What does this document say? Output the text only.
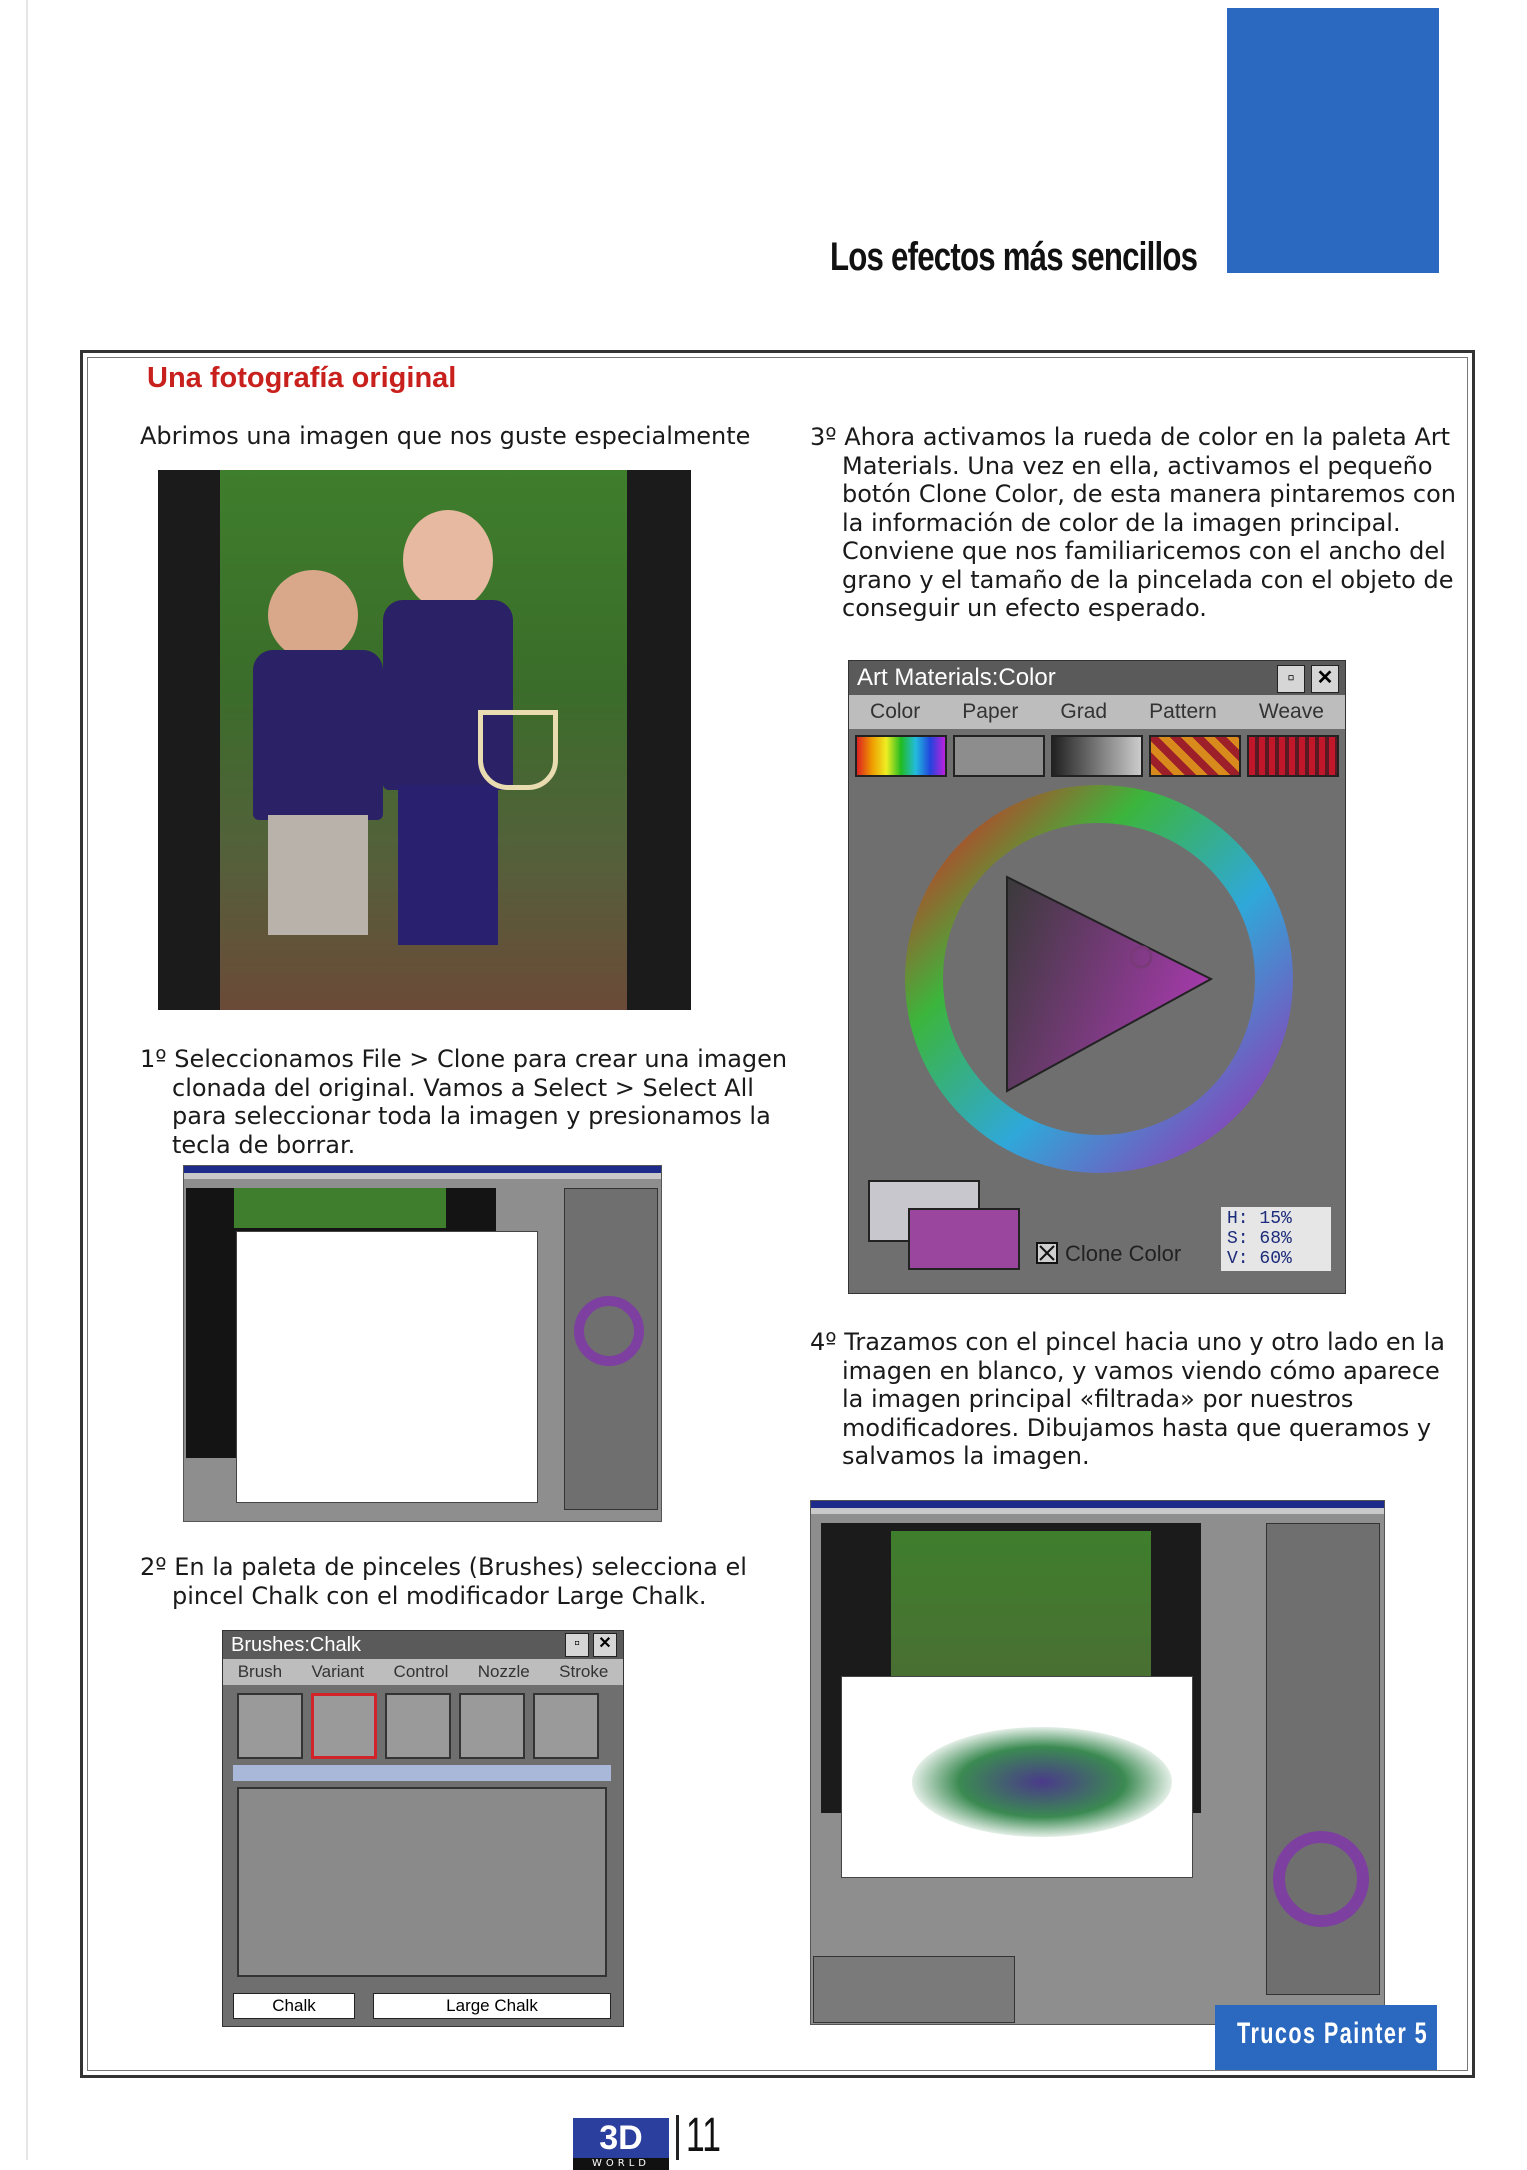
Los efectos más sencillos
Una fotografía original

Abrimos una imagen que nos guste especialmente

1º Seleccionamos File > Clone para crear una imagen clonada del original. Vamos a Select > Select All para seleccionar toda la imagen y presionamos la tecla de borrar.

2º En la paleta de pinceles (Brushes) selecciona el pincel Chalk con el modificador Large Chalk.

Brushes:Chalk	▫	✕
Brush Variant Control Nozzle Stroke
Chalk	Large Chalk

3º Ahora activamos la rueda de color en la paleta Art Materials. Una vez en ella, activamos el pequeño botón Clone Color, de esta manera pintaremos con la información de color de la imagen principal. Conviene que nos familiaricemos con el ancho del grano y el tamaño de la pincelada con el objeto de conseguir un efecto esperado.

Art Materials:Color	▫	✕
Color Paper Grad Pattern Weave
Clone Color
H: 15%
S: 68%
V: 60%

4º Trazamos con el pincel hacia uno y otro lado en la imagen en blanco, y vamos viendo cómo aparece la imagen principal «filtrada» por nuestros modificadores. Dibujamos hasta que queramos y salvamos la imagen.

Trucos Painter 5
3D
WORLD
11
